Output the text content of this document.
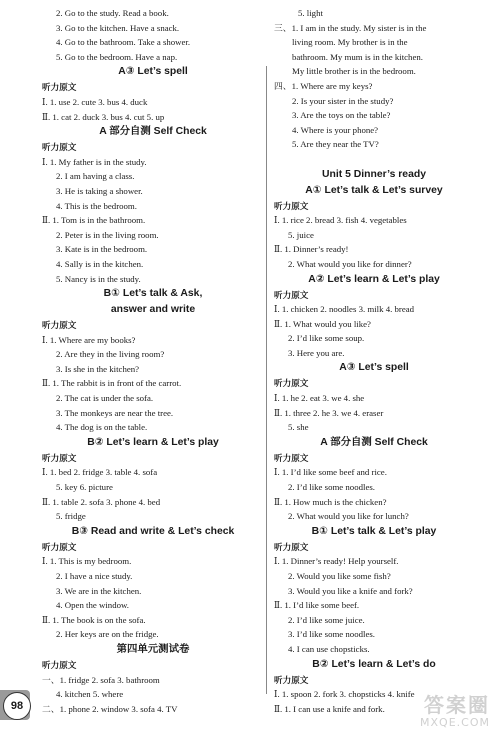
2. Go to the study. Read a book.
3. Go to the kitchen. Have a snack.
4. Go to the bathroom. Take a shower.
5. Go to the bedroom. Have a nap.
A③ Let’s spell
听力原文
Ⅰ. 1. use 2. cute 3. bus 4. duck
Ⅱ. 1. cat 2. duck 3. bus 4. cut 5. up
A 部分自测 Self Check
听力原文
Ⅰ. 1. My father is in the study.
2. I am having a class.
3. He is taking a shower.
4. This is the bedroom.
Ⅱ. 1. Tom is in the bathroom.
2. Peter is in the living room.
3. Kate is in the bedroom.
4. Sally is in the kitchen.
5. Nancy is in the study.
B① Let’s talk & Ask,
answer and write
听力原文
Ⅰ. 1. Where are my books?
2. Are they in the living room?
3. Is she in the kitchen?
Ⅱ. 1. The rabbit is in front of the carrot.
2. The cat is under the sofa.
3. The monkeys are near the tree.
4. The dog is on the table.
B② Let’s learn & Let’s play
听力原文
Ⅰ. 1. bed 2. fridge 3. table 4. sofa
5. key 6. picture
Ⅱ. 1. table 2. sofa 3. phone 4. bed
5. fridge
B③ Read and write & Let’s check
听力原文
Ⅰ. 1. This is my bedroom.
2. I have a nice study.
3. We are in the kitchen.
4. Open the window.
Ⅱ. 1. The book is on the sofa.
2. Her keys are on the fridge.
第四单元测试卷
听力原文
一、1. fridge 2. sofa 3. bathroom
4. kitchen 5. where
二、1. phone 2. window 3. sofa 4. TV
5. light
三、1. I am in the study. My sister is in the
living room. My brother is in the
bathroom. My mum is in the kitchen.
My little brother is in the bedroom.
四、1. Where are my keys?
2. Is your sister in the study?
3. Are the toys on the table?
4. Where is your phone?
5. Are they near the TV?
Unit 5 Dinner’s ready
A① Let’s talk & Let’s survey
听力原文
Ⅰ. 1. rice 2. bread 3. fish 4. vegetables
5. juice
Ⅱ. 1. Dinner’s ready!
2. What would you like for dinner?
A② Let’s learn & Let’s play
听力原文
Ⅰ. 1. chicken 2. noodles 3. milk 4. bread
Ⅱ. 1. What would you like?
2. I’d like some soup.
3. Here you are.
A③ Let’s spell
听力原文
Ⅰ. 1. he 2. eat 3. we 4. she
Ⅱ. 1. three 2. he 3. we 4. eraser
5. she
A 部分自测 Self Check
听力原文
Ⅰ. 1. I’d like some beef and rice.
2. I’d like some noodles.
Ⅱ. 1. How much is the chicken?
2. What would you like for lunch?
B① Let’s talk & Let’s play
听力原文
Ⅰ. 1. Dinner’s ready! Help yourself.
2. Would you like some fish?
3. Would you like a knife and fork?
Ⅱ. 1. I’d like some beef.
2. I’d like some juice.
3. I’d like some noodles.
4. I can use chopsticks.
B② Let’s learn & Let’s do
听力原文
Ⅰ. 1. spoon 2. fork 3. chopsticks 4. knife
Ⅱ. 1. I can use a knife and fork.
98	答案圈
MXQE.COM
